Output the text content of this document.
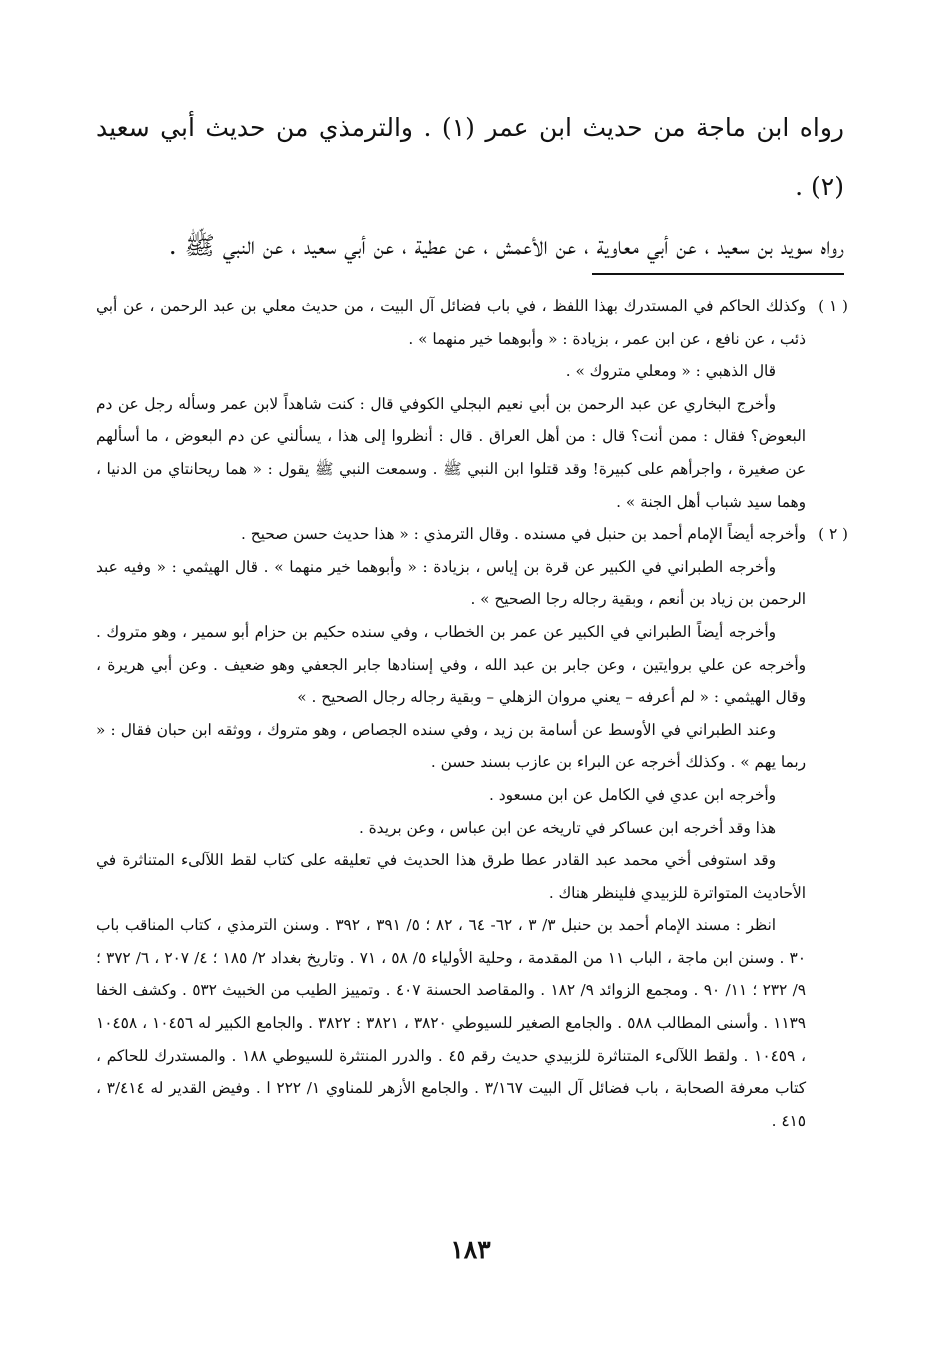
رواه ابن ماجة من حديث ابن عمر (١) . والترمذي من حديث أبي سعيد (٢) .

رواه سويد بن سعيد ، عن أبي معاوية ، عن الأعمش ، عن عطية ، عن أبي سعيد ، عن النبي ﷺ .

( ١ )وكذلك الحاكم في المستدرك بهذا اللفظ ، في باب فضائل آل البيت ، من حديث معلي بن عبد الرحمن ، عن أبي ذئب ، عن نافع ، عن ابن عمر ، بزيادة : « وأبوهما خير منهما » .

قال الذهبي : « ومعلي متروك » .

وأخرج البخاري عن عبد الرحمن بن أبي نعيم البجلي الكوفي قال : كنت شاهداً لابن عمر وسأله رجل عن دم البعوض؟ فقال : ممن أنت؟ قال : من أهل العراق . قال : أنظروا إلى هذا ، يسألني عن دم البعوض ، ما أسألهم عن صغيرة ، واجرأهم على كبيرة! وقد قتلوا ابن النبي ﷺ . وسمعت النبي ﷺ يقول : « هما ريحانتاي من الدنيا ، وهما سيد شباب أهل الجنة » .

( ٢ )وأخرجه أيضاً الإمام أحمد بن حنبل في مسنده . وقال الترمذي : « هذا حديث حسن صحيح .

وأخرجه الطبراني في الكبير عن قرة بن إياس ، بزيادة : « وأبوهما خير منهما » . قال الهيثمي : « وفيه عبد الرحمن بن زياد بن أنعم ، وبقية رجاله رجا الصحيح » .

وأخرجه أيضاً الطبراني في الكبير عن عمر بن الخطاب ، وفي سنده حكيم بن حزام أبو سمير ، وهو متروك . وأخرجه عن علي بروايتين ، وعن جابر بن عبد الله ، وفي إسنادها جابر الجعفي وهو ضعيف . وعن أبي هريرة ، وقال الهيثمي : « لم أعرفه – يعني مروان الزهلي – وبقية رجاله رجال الصحيح . »

وعند الطبراني في الأوسط عن أسامة بن زيد ، وفي سنده الجصاص ، وهو متروك ، ووثقه ابن حبان فقال : « ربما يهم » . وكذلك أخرجه عن البراء بن عازب بسند حسن .

وأخرجه ابن عدي في الكامل عن ابن مسعود .

هذا وقد أخرجه ابن عساكر في تاريخه عن ابن عباس ، وعن بريدة .

وقد استوفى أخي محمد عبد القادر عطا طرق هذا الحديث في تعليقه على كتاب لقط اللآلىء المتناثرة في الأحاديث المتواترة للزبيدي فلينظر هناك .

انظر : مسند الإمام أحمد بن حنبل ٣/ ٣ ، ٦٢- ٦٤ ، ٨٢ ؛ ٥/ ٣٩١ ، ٣٩٢ . وسنن الترمذي ، كتاب المناقب باب ٣٠ . وسنن ابن ماجة ، الباب ١١ من المقدمة ، وحلية الأولياء ٥/ ٥٨ ، ٧١ . وتاريخ بغداد ٢/ ١٨٥ ؛ ٤/ ٢٠٧ ، ٦/ ٣٧٢ ؛ ٩/ ٢٣٢ ؛ ١١/ ٩٠ . ومجمع الزوائد ٩/ ١٨٢ . والمقاصد الحسنة ٤٠٧ . وتمييز الطيب من الخبيث ٥٣٢ . وكشف الخفا ١١٣٩ . وأسنى المطالب ٥٨٨ . والجامع الصغير للسيوطي ٣٨٢٠ ، ٣٨٢١ : ٣٨٢٢ . والجامع الكبير له ١٠٤٥٦ ، ١٠٤٥٨ ، ١٠٤٥٩ . ولقط اللآلىء المتناثرة للزبيدي حديث رقم ٤٥ . والدرر المنتثرة للسيوطي ١٨٨ . والمستدرك للحاكم ، كتاب معرفة الصحابة ، باب فضائل آل البيت ٣/١٦٧ . والجامع الأزهر للمناوي ١/ ٢٢٢ ا . وفيض القدير له ٣/٤١٤ ، ٤١٥ .

١٨٣
